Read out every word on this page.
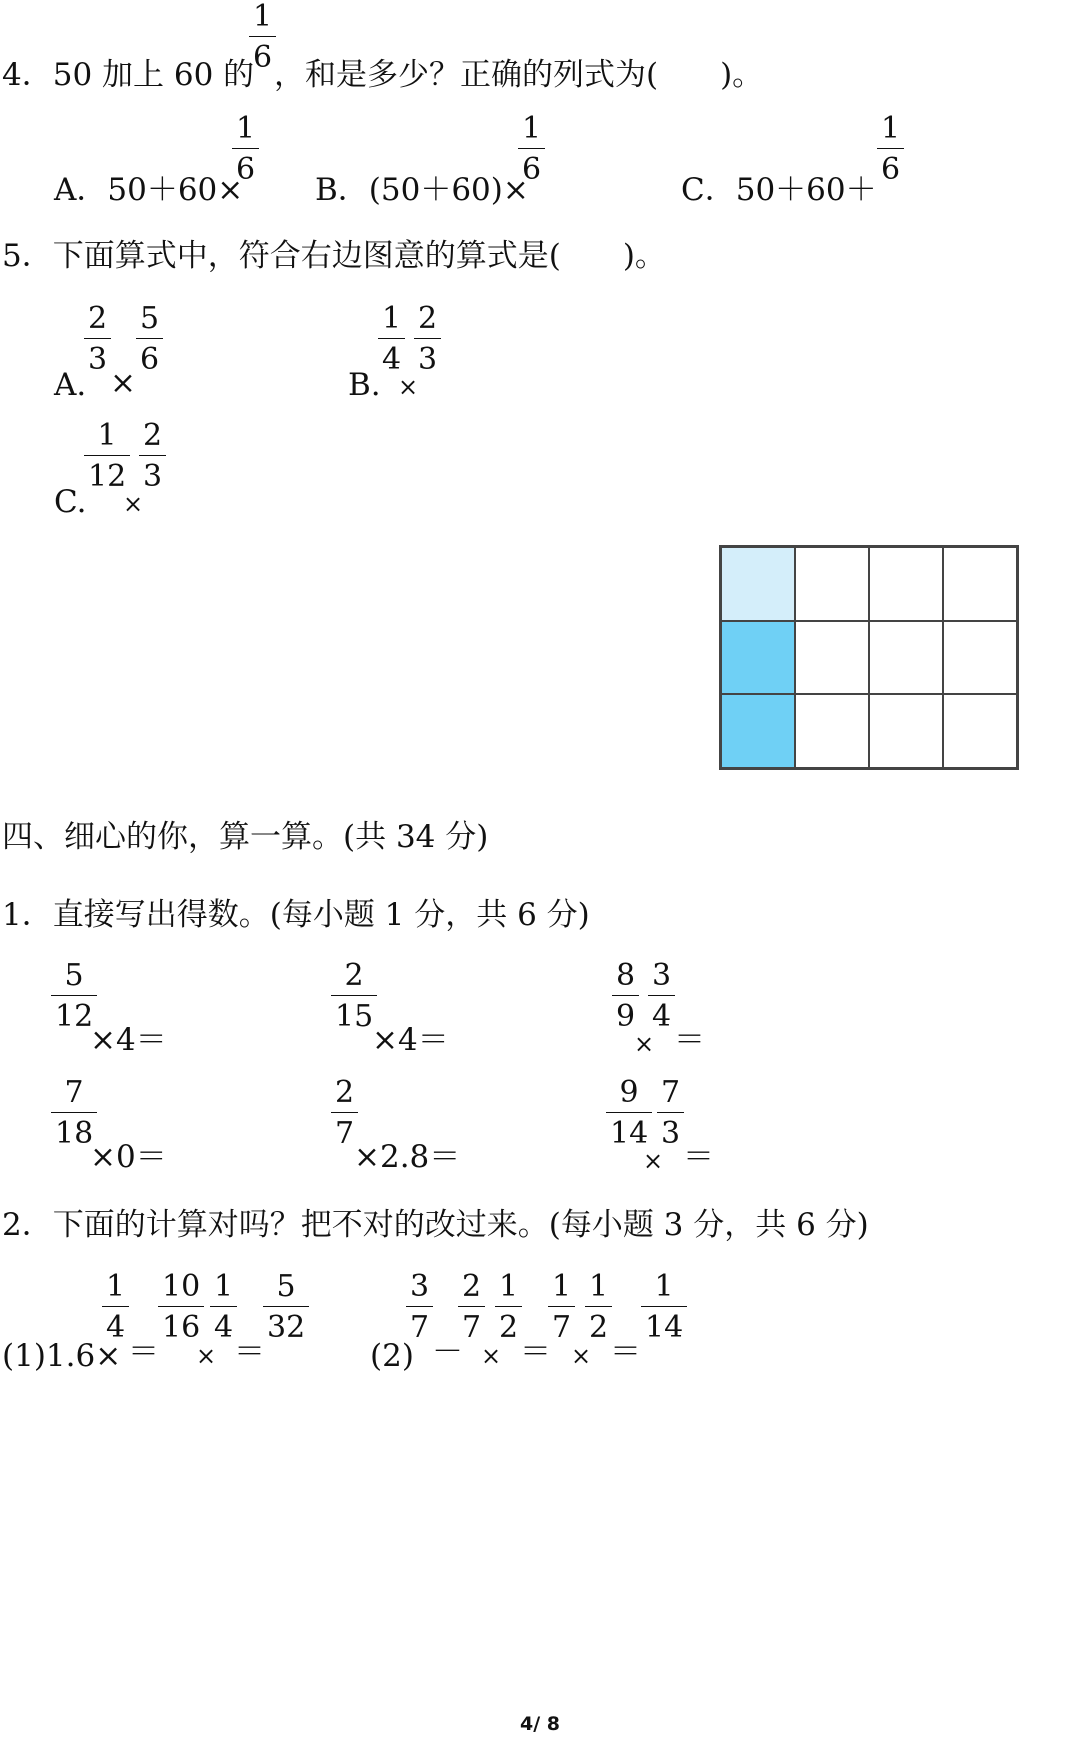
4．50 加上 60 的
1
6 ，和是多少？正确的列式为(　　)。
A．50＋60×
1
6
B．(50＋60)×
1
6
C．50＋60＋
1
6
5．下面算式中，符合右边图意的算式是(　　)。
A.
2
3
×
5
6
B.
1
4
×
2
3
C.
1
12
×
2
3
四、细心的你，算一算。(共 34 分)
1．直接写出得数。(每小题 1 分，共 6 分)
5
12
×4＝
2
15
×4＝
8
9
×
3
4
＝
7
18
×0＝
2
7
×2.8＝
9
14
×
7
3
＝
2．下面的计算对吗？把不对的改过来。(每小题 3 分，共 6 分)
(1)1.6×
1
4
＝
10
16
×
1
4
＝
5
32
(2)
3
7
－
2
7
×
1
2
＝
1
7
×
1
2
＝
1
14
4/ 8
